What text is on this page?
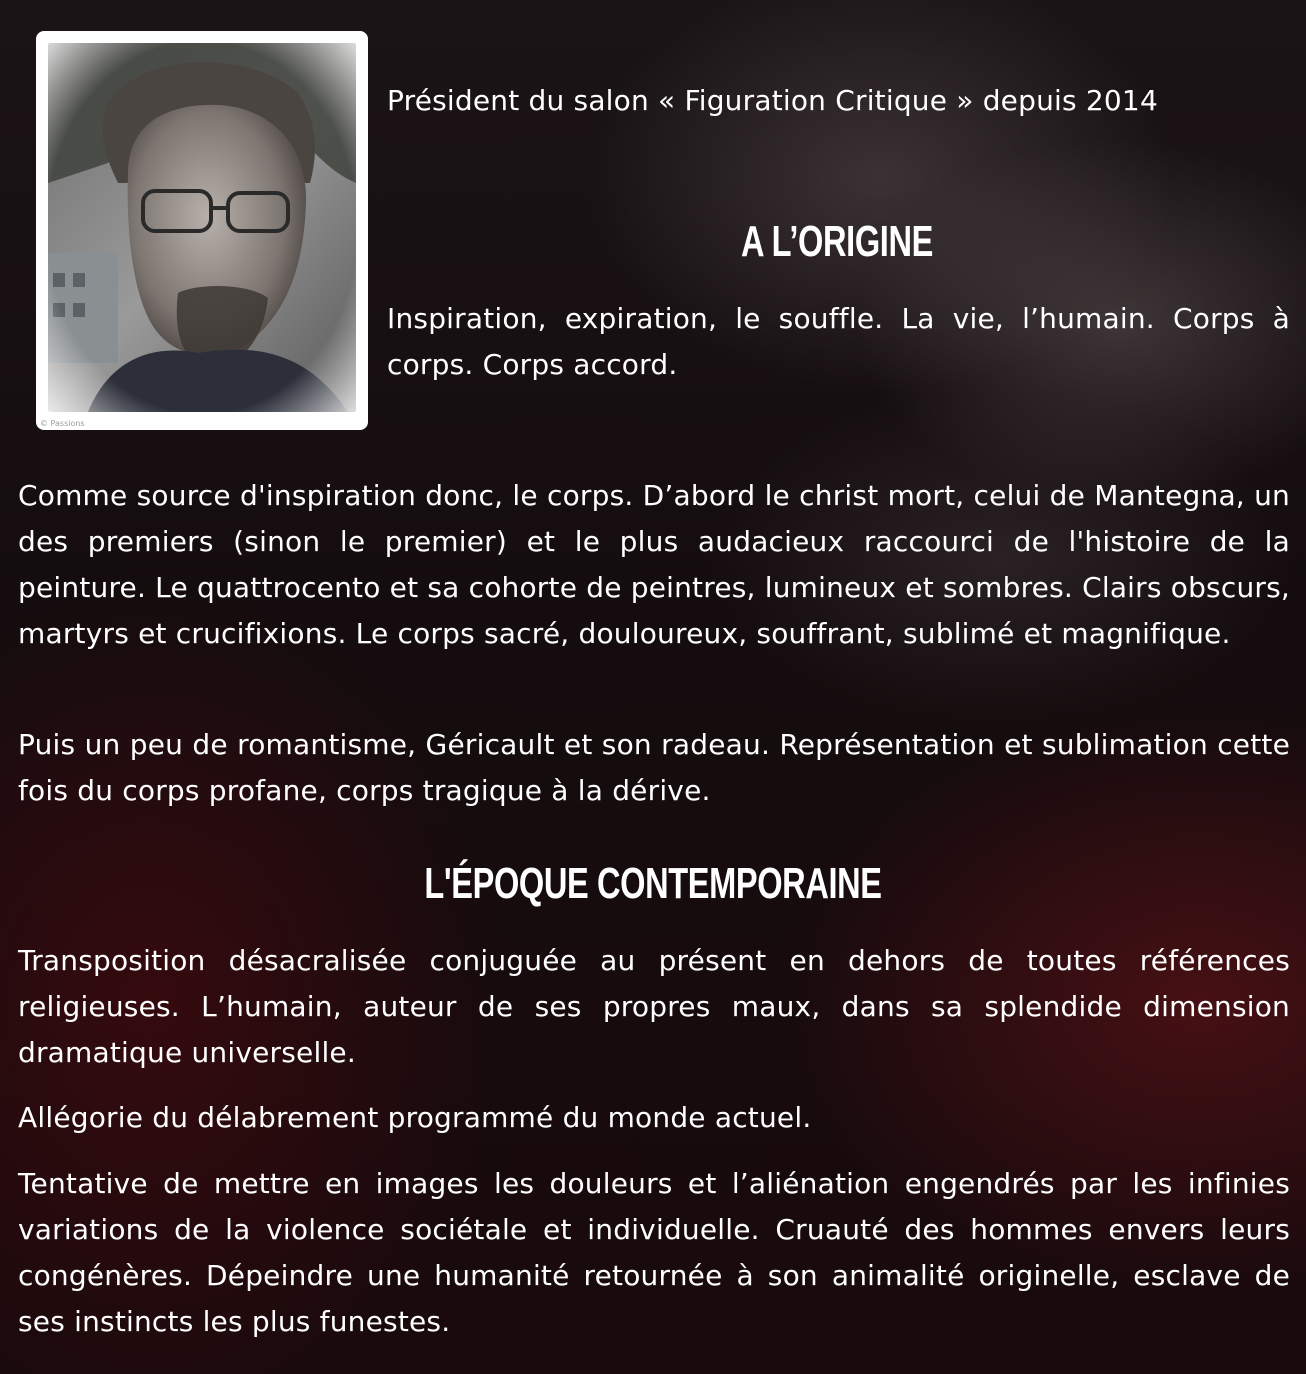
© Passions

Président du salon « Figuration Critique » depuis 2014

A L’ORIGINE

Inspiration, expiration, le souffle. La vie, l’humain. Corps à corps. Corps accord.

Comme source d'inspiration donc, le corps. D’abord le christ mort, celui de Mantegna, un des premiers (sinon le premier) et le plus audacieux raccourci de l'histoire de la peinture. Le quattrocento et sa cohorte de peintres, lumineux et sombres. Clairs obscurs, martyrs et crucifixions. Le corps sacré, douloureux, souffrant, sublimé et magnifique.

Puis un peu de romantisme, Géricault et son radeau. Représentation et sublimation cette fois du corps profane, corps tragique à la dérive.

L'ÉPOQUE CONTEMPORAINE

Transposition désacralisée conjuguée au présent en dehors de toutes références religieuses. L’humain, auteur de ses propres maux, dans sa splendide dimension dramatique universelle.

Allégorie du délabrement programmé du monde actuel.

Tentative de mettre en images les douleurs et l’aliénation engendrés par les infinies variations de la violence sociétale et individuelle. Cruauté des hommes envers leurs congénères. Dépeindre une humanité retournée à son animalité originelle, esclave de ses instincts les plus funestes.
